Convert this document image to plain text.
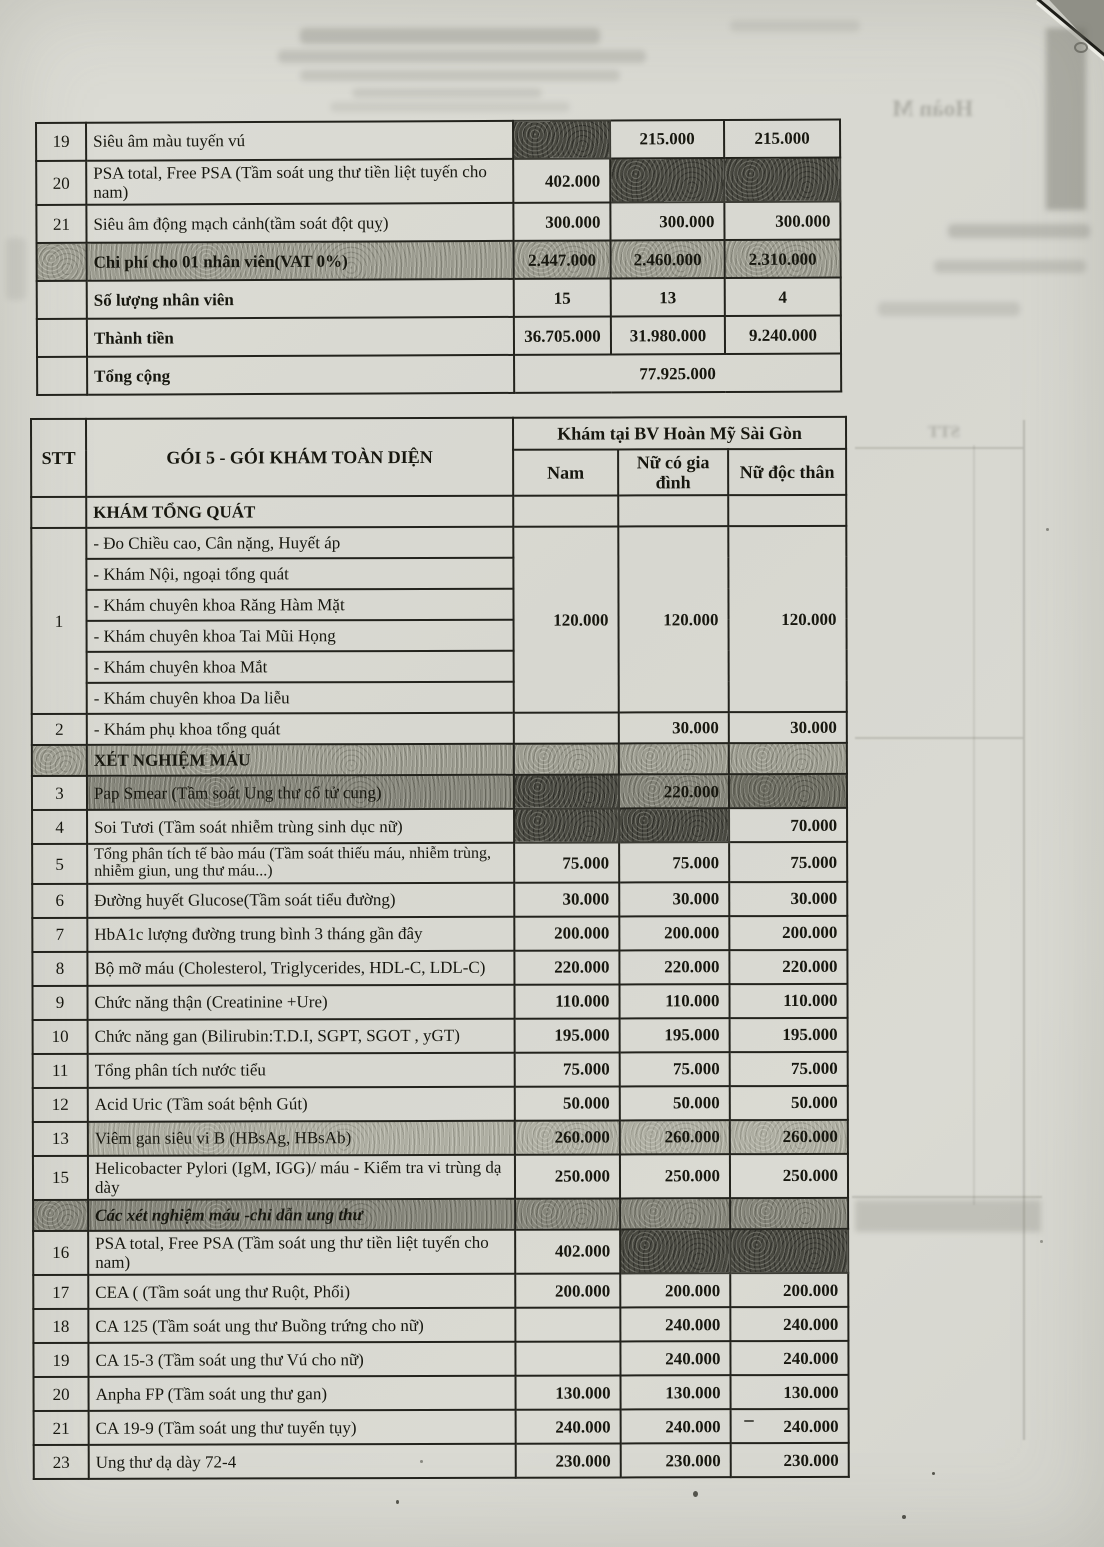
Hoàn M
STT
19	Siêu âm màu tuyến vú		215.000	215.000
20	PSA total, Free PSA (Tầm soát ung thư tiền liệt tuyến cho nam)	402.000		
21	Siêu âm động mạch cảnh(tầm soát đột quỵ)	300.000	300.000	300.000
	Chi phí cho 01 nhân viên(VAT 0%)	2.447.000	2.460.000	2.310.000
	Số lượng nhân viên	15	13	4
	Thành tiền	36.705.000	31.980.000	9.240.000
	Tổng cộng	77.925.000		
STT	GÓI 5 - GÓI KHÁM TOÀN DIỆN	Khám tại BV Hoàn Mỹ Sài Gòn		
		Nam	Nữ có gia đình	Nữ độc thân
	KHÁM TỔNG QUÁT			
1	- Đo Chiều cao, Cân nặng, Huyết áp	120.000	120.000	120.000
	- Khám Nội, ngoại tổng quát			
	- Khám chuyên khoa Răng Hàm Mặt			
	- Khám chuyên khoa Tai Mũi Họng			
	- Khám chuyên khoa Mắt			
	- Khám chuyên khoa Da liễu			
2	- Khám phụ khoa tổng quát		30.000	30.000
	XÉT NGHIỆM MÁU			
3	Pap Smear (Tầm soát Ung thư cổ tử cung)		220.000	
4	Soi Tươi (Tầm soát nhiễm trùng sinh dục nữ)			70.000
5	Tổng phân tích tế bào máu (Tầm soát thiếu máu, nhiễm trùng, nhiễm giun, ung thư máu...)	75.000	75.000	75.000
6	Đường huyết Glucose(Tầm soát tiểu đường)	30.000	30.000	30.000
7	HbA1c lượng đường trung bình 3 tháng gần đây	200.000	200.000	200.000
8	Bộ mỡ máu (Cholesterol, Triglycerides, HDL-C, LDL-C)	220.000	220.000	220.000
9	Chức năng thận (Creatinine +Ure)	110.000	110.000	110.000
10	Chức năng gan (Bilirubin:T.D.I, SGPT, SGOT , yGT)	195.000	195.000	195.000
11	Tổng phân tích nước tiểu	75.000	75.000	75.000
12	Acid Uric (Tầm soát bệnh Gút)	50.000	50.000	50.000
13	Viêm gan siêu vi B (HBsAg, HBsAb)	260.000	260.000	260.000
15	Helicobacter Pylori (IgM, IGG)/ máu - Kiểm tra vi trùng dạ dày	250.000	250.000	250.000
	Các xét nghiệm máu -chỉ dẫn ung thư			
16	PSA total, Free PSA (Tầm soát ung thư tiền liệt tuyến cho nam)	402.000		
17	CEA ( (Tầm soát ung thư Ruột, Phổi)	200.000	200.000	200.000
18	CA 125 (Tầm soát ung thư Buồng trứng cho nữ)		240.000	240.000
19	CA 15-3 (Tầm soát ung thư Vú cho nữ)		240.000	240.000
20	Anpha FP (Tầm soát ung thư gan)	130.000	130.000	130.000
21	CA 19-9 (Tầm soát ung thư tuyến tụy)	240.000	240.000	240.000
23	Ung thư dạ dày 72-4	230.000	230.000	230.000
